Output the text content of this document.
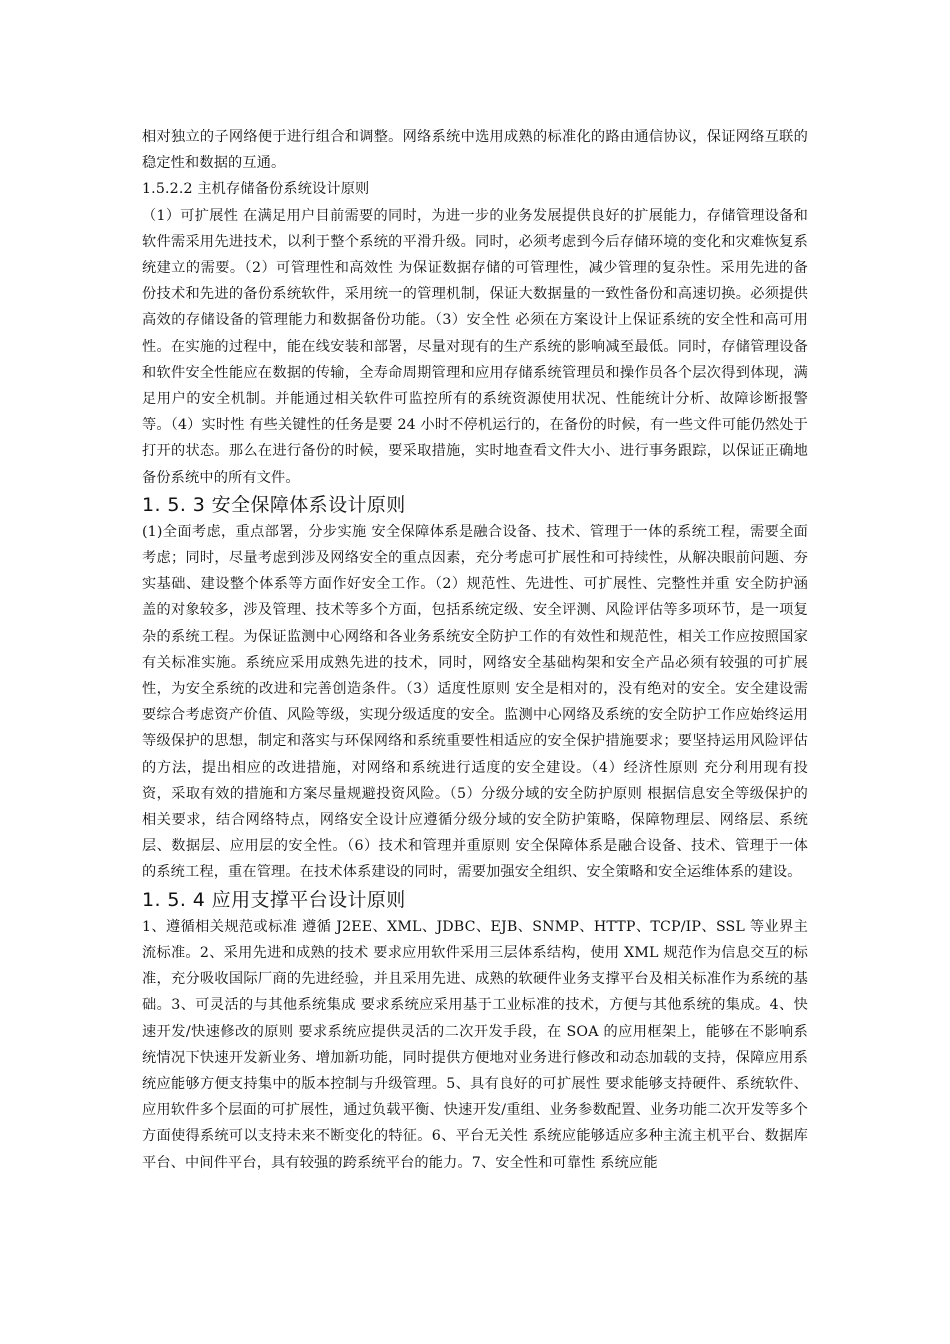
相对独立的子网络便于进行组合和调整。网络系统中选用成熟的标准化的路由通信协议，保证网络互联的稳定性和数据的互通。

1.5.2.2 主机存储备份系统设计原则

（1）可扩展性 在满足用户目前需要的同时，为进一步的业务发展提供良好的扩展能力，存储管理设备和软件需采用先进技术，以利于整个系统的平滑升级。同时，必须考虑到今后存储环境的变化和灾难恢复系统建立的需要。（2）可管理性和高效性 为保证数据存储的可管理性，减少管理的复杂性。采用先进的备份技术和先进的备份系统软件，采用统一的管理机制，保证大数据量的一致性备份和高速切换。必须提供高效的存储设备的管理能力和数据备份功能。（3）安全性 必须在方案设计上保证系统的安全性和高可用性。在实施的过程中，能在线安装和部署，尽量对现有的生产系统的影响减至最低。同时，存储管理设备和软件安全性能应在数据的传输，全寿命周期管理和应用存储系统管理员和操作员各个层次得到体现，满足用户的安全机制。并能通过相关软件可监控所有的系统资源使用状况、性能统计分析、故障诊断报警等。（4）实时性 有些关键性的任务是要 24 小时不停机运行的，在备份的时候，有一些文件可能仍然处于打开的状态。那么在进行备份的时候，要采取措施，实时地查看文件大小、进行事务跟踪，以保证正确地备份系统中的所有文件。

1. 5. 3 安全保障体系设计原则

(1)全面考虑，重点部署，分步实施 安全保障体系是融合设备、技术、管理于一体的系统工程，需要全面考虑；同时，尽量考虑到涉及网络安全的重点因素，充分考虑可扩展性和可持续性，从解决眼前问题、夯实基础、建设整个体系等方面作好安全工作。（2）规范性、先进性、可扩展性、完整性并重 安全防护涵盖的对象较多，涉及管理、技术等多个方面，包括系统定级、安全评测、风险评估等多项环节，是一项复杂的系统工程。为保证监测中心网络和各业务系统安全防护工作的有效性和规范性，相关工作应按照国家有关标准实施。系统应采用成熟先进的技术，同时，网络安全基础构架和安全产品必须有较强的可扩展性，为安全系统的改进和完善创造条件。（3）适度性原则 安全是相对的，没有绝对的安全。安全建设需要综合考虑资产价值、风险等级，实现分级适度的安全。监测中心网络及系统的安全防护工作应始终运用等级保护的思想，制定和落实与环保网络和系统重要性相适应的安全保护措施要求；要坚持运用风险评估的方法，提出相应的改进措施，对网络和系统进行适度的安全建设。（4）经济性原则 充分利用现有投资，采取有效的措施和方案尽量规避投资风险。（5）分级分域的安全防护原则 根据信息安全等级保护的相关要求，结合网络特点，网络安全设计应遵循分级分域的安全防护策略，保障物理层、网络层、系统层、数据层、应用层的安全性。（6）技术和管理并重原则 安全保障体系是融合设备、技术、管理于一体的系统工程，重在管理。在技术体系建设的同时，需要加强安全组织、安全策略和安全运维体系的建设。

1. 5. 4 应用支撑平台设计原则

1、遵循相关规范或标准 遵循 J2EE、XML、JDBC、EJB、SNMP、HTTP、TCP/IP、SSL 等业界主流标准。2、采用先进和成熟的技术 要求应用软件采用三层体系结构，使用 XML 规范作为信息交互的标准，充分吸收国际厂商的先进经验，并且采用先进、成熟的软硬件业务支撑平台及相关标准作为系统的基础。3、可灵活的与其他系统集成 要求系统应采用基于工业标准的技术，方便与其他系统的集成。4、快速开发/快速修改的原则 要求系统应提供灵活的二次开发手段，在 SOA 的应用框架上，能够在不影响系统情况下快速开发新业务、增加新功能，同时提供方便地对业务进行修改和动态加载的支持，保障应用系统应能够方便支持集中的版本控制与升级管理。5、具有良好的可扩展性 要求能够支持硬件、系统软件、应用软件多个层面的可扩展性，通过负载平衡、快速开发/重组、业务参数配置、业务功能二次开发等多个方面使得系统可以支持未来不断变化的特征。6、平台无关性 系统应能够适应多种主流主机平台、数据库平台、中间件平台，具有较强的跨系统平台的能力。7、安全性和可靠性 系统应能
